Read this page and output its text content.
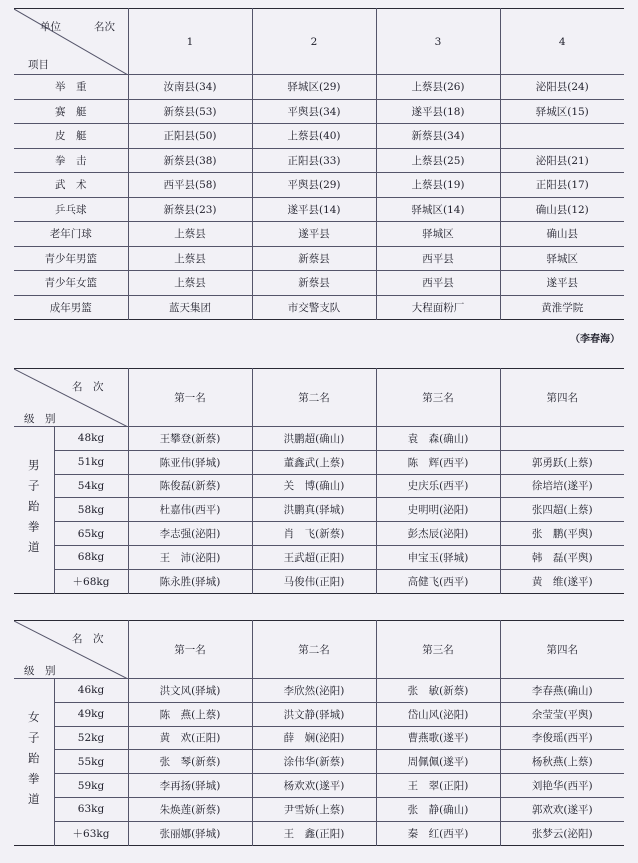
单位 名次
项目	1	2	3	4
举　重	汝南县(34)	驿城区(29)	上蔡县(26)	泌阳县(24)
赛　艇	新蔡县(53)	平舆县(34)	遂平县(18)	驿城区(15)
皮　艇	正阳县(50)	上蔡县(40)	新蔡县(34)	
拳　击	新蔡县(38)	正阳县(33)	上蔡县(25)	泌阳县(21)
武　术	西平县(58)	平舆县(29)	上蔡县(19)	正阳县(17)
乒乓球	新蔡县(23)	遂平县(14)	驿城区(14)	确山县(12)
老年门球	上蔡县	遂平县	驿城区	确山县
青少年男篮	上蔡县	新蔡县	西平县	驿城区
青少年女篮	上蔡县	新蔡县	西平县	遂平县
成年男篮	蓝天集团	市交警支队	大程面粉厂	黄淮学院
（李春海）
名　次
级　别		第一名	第二名	第三名	第四名
男子跆拳道	48kg	王攀登(新蔡)	洪鹏超(确山)	袁　森(确山)	
	51kg	陈亚伟(驿城)	董鑫武(上蔡)	陈　辉(西平)	郭勇跃(上蔡)
	54kg	陈俊磊(新蔡)	关　博(确山)	史庆乐(西平)	徐培培(遂平)
	58kg	杜嘉伟(西平)	洪鹏真(驿城)	史明明(泌阳)	张四超(上蔡)
	65kg	李志强(泌阳)	肖　飞(新蔡)	彭杰辰(泌阳)	张　鹏(平舆)
	68kg	王　沛(泌阳)	王武超(正阳)	申宝玉(驿城)	韩　磊(平舆)
	＋68kg	陈永胜(驿城)	马俊伟(正阳)	高健飞(西平)	黄　维(遂平)
名　次
级　别		第一名	第二名	第三名	第四名
女子跆拳道	46kg	洪文风(驿城)	李欣然(泌阳)	张　敏(新蔡)	李春燕(确山)
	49kg	陈　燕(上蔡)	洪文静(驿城)	岱山风(泌阳)	余莹莹(平舆)
	52kg	黄　欢(正阳)	薛　娴(泌阳)	曹燕歌(遂平)	李俊瑶(西平)
	55kg	张　琴(新蔡)	涂伟华(新蔡)	周佩佩(遂平)	杨秋燕(上蔡)
	59kg	李再扬(驿城)	杨欢欢(遂平)	王　翠(正阳)	刘艳华(西平)
	63kg	朱焕莲(新蔡)	尹雪娇(上蔡)	张　静(确山)	郭欢欢(遂平)
	＋63kg	张丽娜(驿城)	王　鑫(正阳)	秦　红(西平)	张梦云(泌阳)
